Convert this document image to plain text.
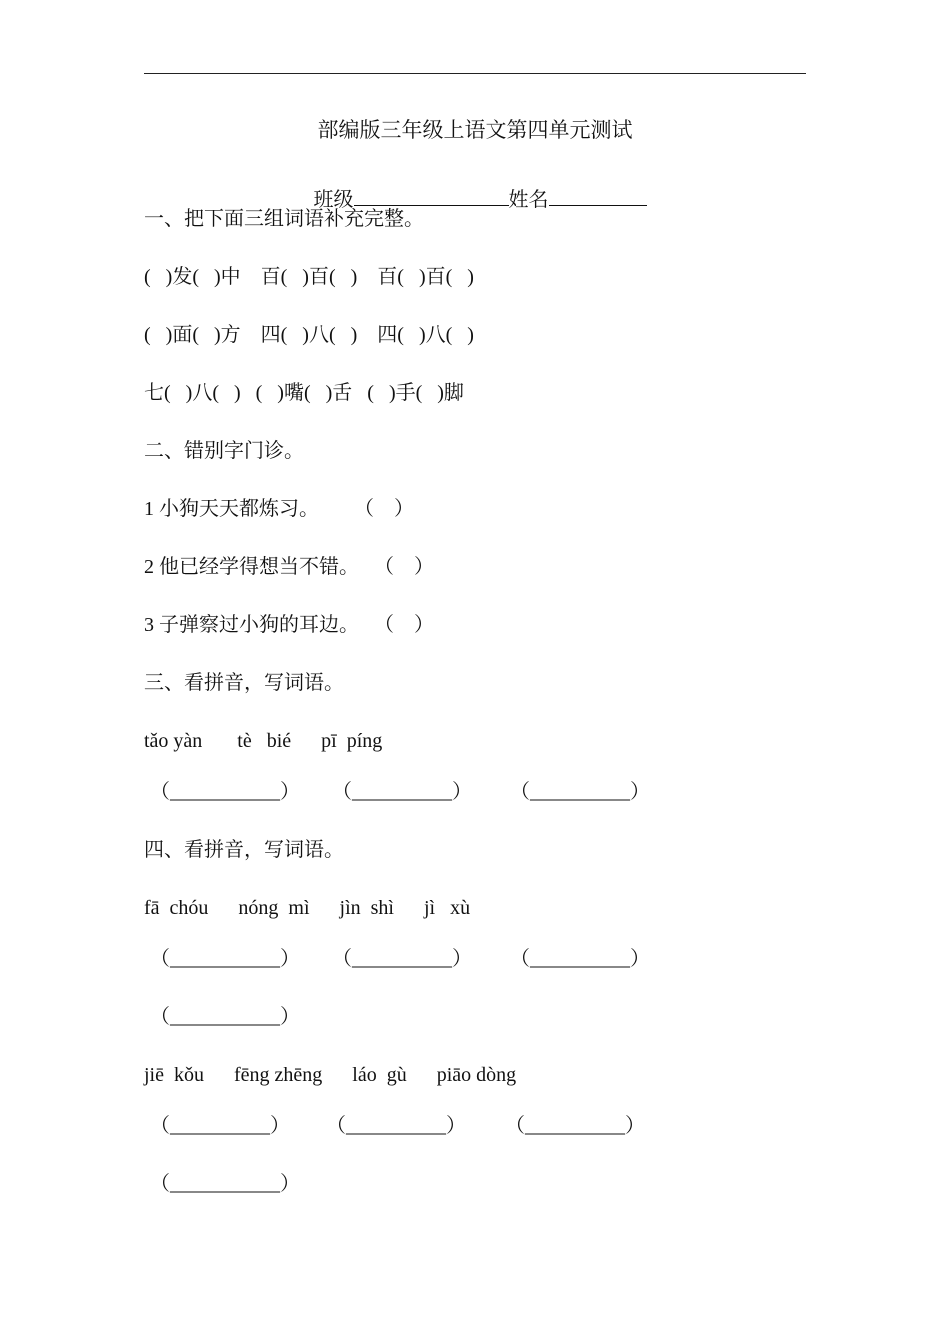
部编版三年级上语文第四单元测试

班级	姓名

一、把下面三组词语补充完整。
(   )发(   )中    百(   )百(   )    百(   )百(   )
(   )面(   )方    四(   )八(   )    四(   )八(   )
七(   )八(   )   (   )嘴(   )舌   (   )手(   )脚
二、错别字门诊。
1 小狗天天都炼习。       （    ）
2 他已经学得想当不错。   （    ）
3 子弹察过小狗的耳边。   （    ）
三、看拼音，写词语。
tǎo yàn       tè   bié      pī  píng
（___________） （__________） （__________）
四、看拼音，写词语。
fā  chóu      nóng  mì      jìn  shì      jì   xù
（___________） （__________） （__________）
（___________）
jiē  kǒu      fēng zhēng      láo  gù      piāo dòng
（__________） （__________） （__________）
（___________）
